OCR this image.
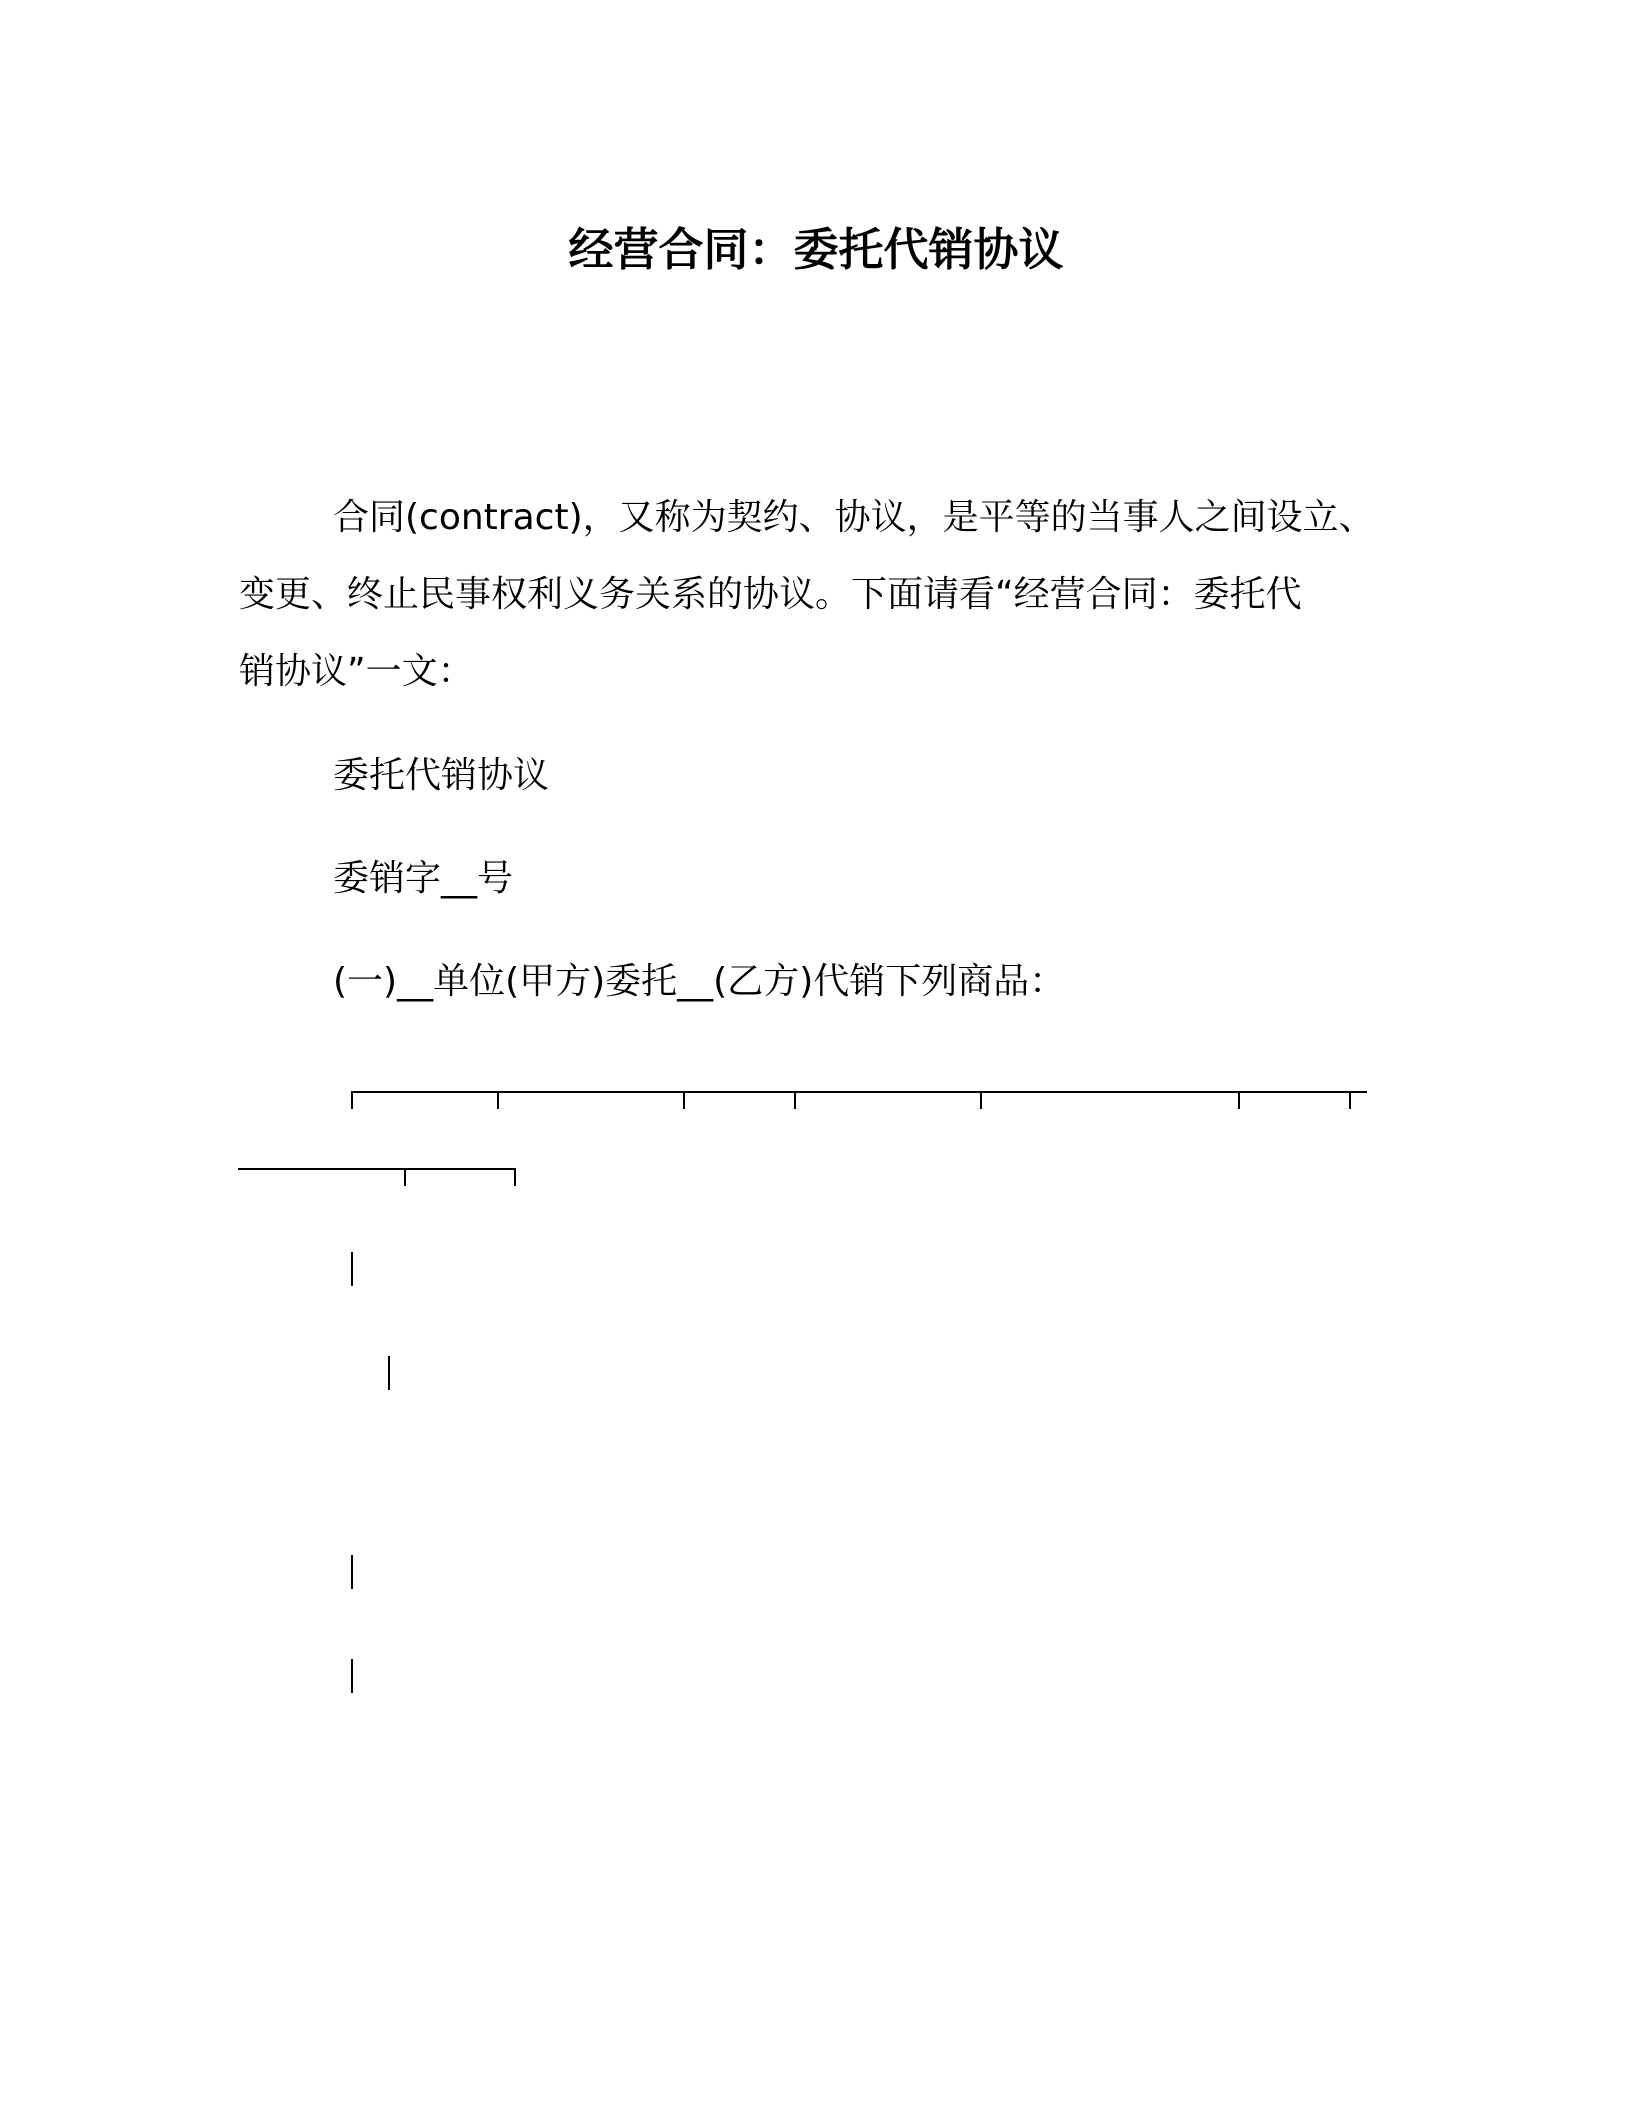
经营合同：委托代销协议
合同(contract)，又称为契约、协议，是平等的当事人之间设立、
变更、终止民事权利义务关系的协议。下面请看“经营合同：委托代
销协议”一文：
委托代销协议
委销字__号
(一)__单位(甲方)委托__(乙方)代销下列商品：
